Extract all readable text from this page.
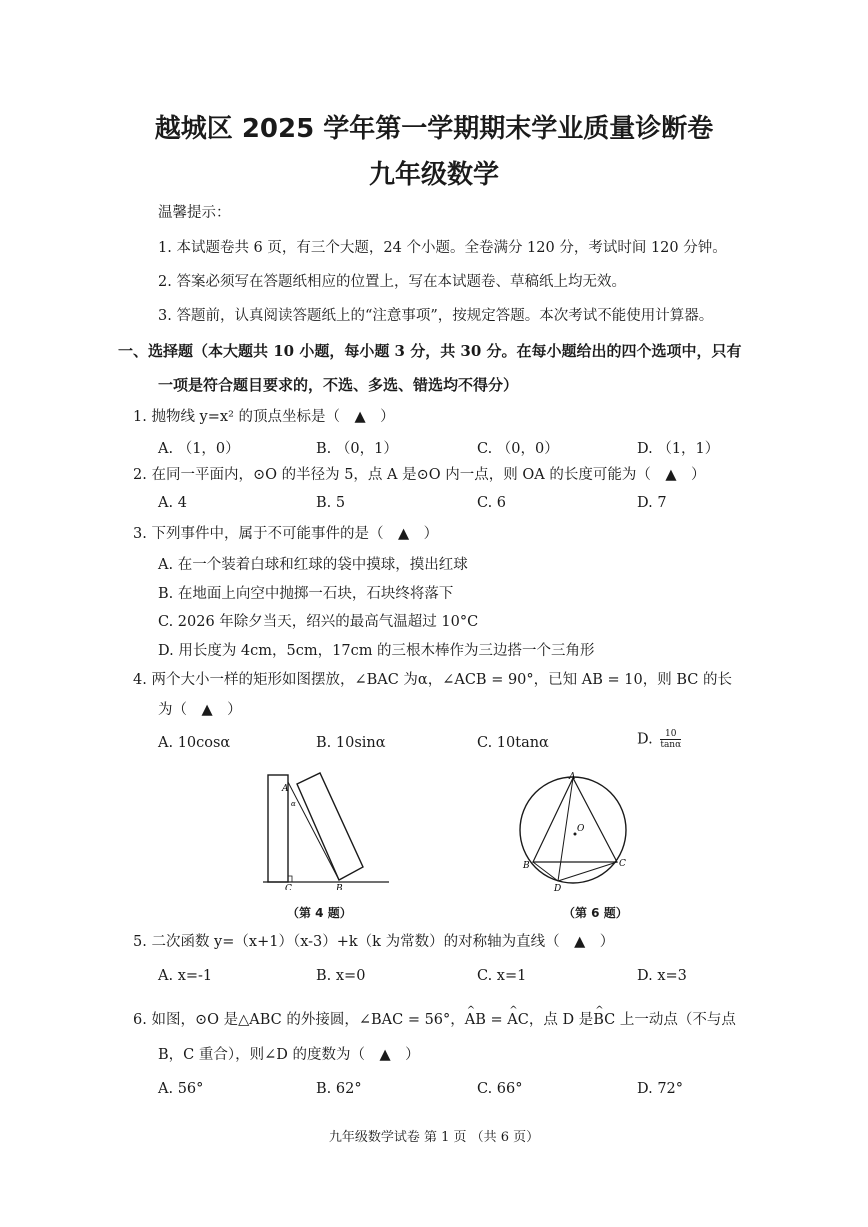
越城区 2025 学年第一学期期末学业质量诊断卷
九年级数学
温馨提示：
1. 本试题卷共 6 页，有三个大题，24 个小题。全卷满分 120 分，考试时间 120 分钟。
2. 答案必须写在答题纸相应的位置上，写在本试题卷、草稿纸上均无效。
3. 答题前，认真阅读答题纸上的“注意事项”，按规定答题。本次考试不能使用计算器。
一、选择题（本大题共 10 小题，每小题 3 分，共 30 分。在每小题给出的四个选项中，只有
一项是符合题目要求的，不选、多选、错选均不得分）
1. 抛物线 y=x² 的顶点坐标是（　▲　）
A. （1，0）	B. （0，1）	C. （0，0）	D. （1，1）
2. 在同一平面内，⊙O 的半径为 5，点 A 是⊙O 内一点，则 OA 的长度可能为（　▲　）
A. 4	B. 5	C. 6	D. 7
3. 下列事件中，属于不可能事件的是（　▲　）
A. 在一个装着白球和红球的袋中摸球，摸出红球
B. 在地面上向空中抛掷一石块，石块终将落下
C. 2026 年除夕当天，绍兴的最高气温超过 10°C
D. 用长度为 4cm，5cm，17cm 的三根木棒作为三边搭一个三角形
4. 两个大小一样的矩形如图摆放，∠BAC 为α，∠ACB = 90°，已知 AB = 10，则 BC 的长
为（　▲　）
A. 10cosα	B. 10sinα	C. 10tanα	D. $\frac{10}{\tan\alpha}$
A
α
C	B
（第 4 题）
A
O
B	C
D
（第 6 题）
5. 二次函数 y=（x+1）（x-3）+k（k 为常数）的对称轴为直线（　▲　）
A. x=-1	B. x=0	C. x=1	D. x=3
6. 如图，⊙O 是△ABC 的外接圆，∠BAC = 56°，^ AB = ^ AC，点 D 是^ BC 上一动点（不与点
B，C 重合），则∠D 的度数为（　▲　）
A. 56°	B. 62°	C. 66°	D. 72°
九年级数学试卷 第 1 页 （共 6 页）
